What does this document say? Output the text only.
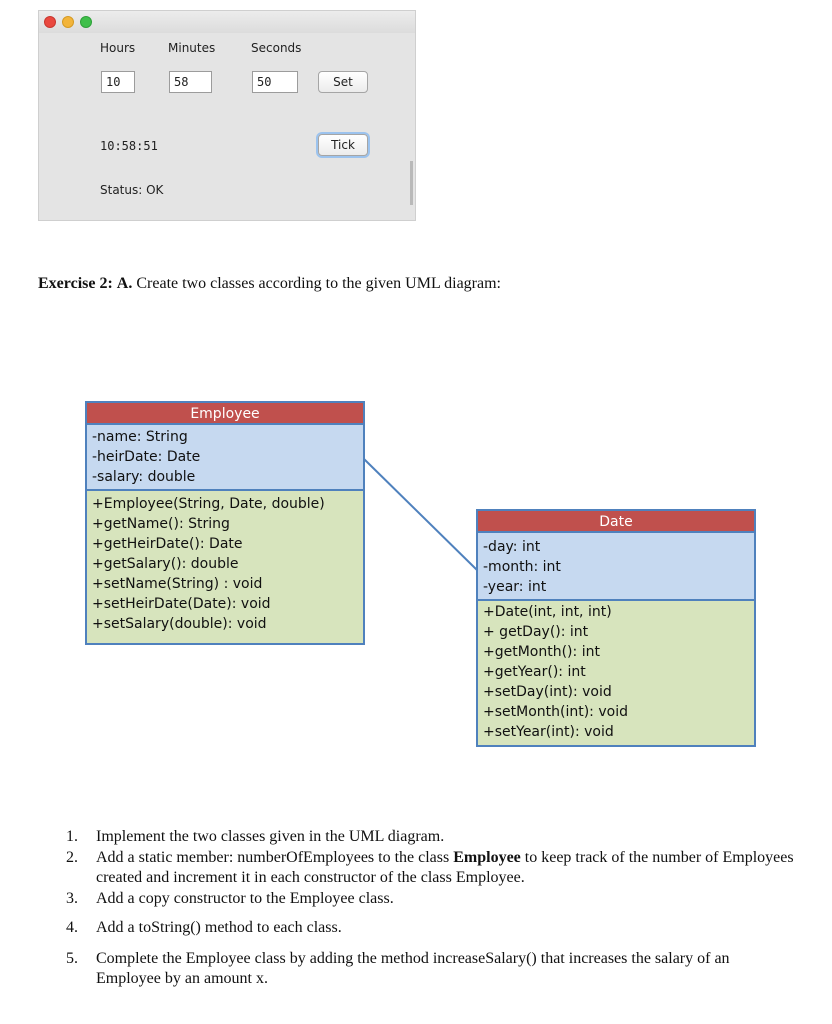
Hours	Minutes	Seconds
10	58	50	Set
10:58:51	Tick
Status: OK
Exercise 2: A. Create two classes according to the given UML diagram:
Employee
-name: String
-heirDate: Date
-salary: double
+Employee(String, Date, double)
+getName(): String
+getHeirDate(): Date
+getSalary(): double
+setName(String) : void
+setHeirDate(Date): void
+setSalary(double): void
Date
-day: int
-month: int
-year: int
+Date(int, int, int)
+ getDay(): int
+getMonth(): int
+getYear(): int
+setDay(int): void
+setMonth(int): void
+setYear(int): void
1. Implement the two classes given in the UML diagram.
2. Add a static member: numberOfEmployees to the class Employee to keep track of the number of Employees created and increment it in each constructor of the class Employee.
3. Add a copy constructor to the Employee class.
4. Add a toString() method to each class.
5. Complete the Employee class by adding the method increaseSalary() that increases the salary of an Employee by an amount x.
